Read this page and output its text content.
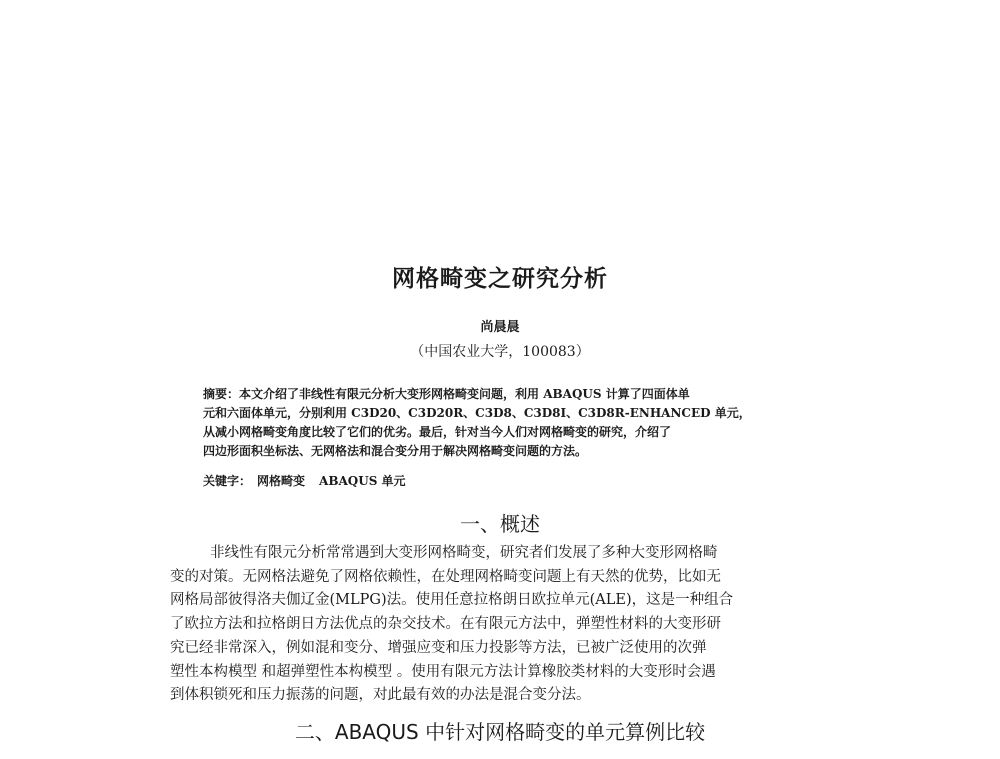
网格畸变之研究分析
尚晨晨
（中国农业大学，100083）
摘要：本文介绍了非线性有限元分析大变形网格畸变问题，利用 ABAQUS 计算了四面体单
元和六面体单元，分别利用 C3D20、C3D20R、C3D8、C3D8I、C3D8R-ENHANCED 单元，
从减小网格畸变角度比较了它们的优劣。最后，针对当今人们对网格畸变的研究，介绍了
四边形面积坐标法、无网格法和混合变分用于解决网格畸变问题的方法。
关键字： 网格畸变 ABAQUS 单元
一、概述
非线性有限元分析常常遇到大变形网格畸变，研究者们发展了多种大变形网格畸
变的对策。无网格法避免了网格依赖性，在处理网格畸变问题上有天然的优势，比如无
网格局部彼得洛夫伽辽金(MLPG)法。使用任意拉格朗日欧拉单元(ALE)，这是一种组合
了欧拉方法和拉格朗日方法优点的杂交技术。在有限元方法中，弹塑性材料的大变形研
究已经非常深入，例如混和变分、增强应变和压力投影等方法，已被广泛使用的次弹
塑性本构模型 和超弹塑性本构模型 。使用有限元方法计算橡胶类材料的大变形时会遇
到体积锁死和压力振荡的问题，对此最有效的办法是混合变分法。
二、ABAQUS 中针对网格畸变的单元算例比较
